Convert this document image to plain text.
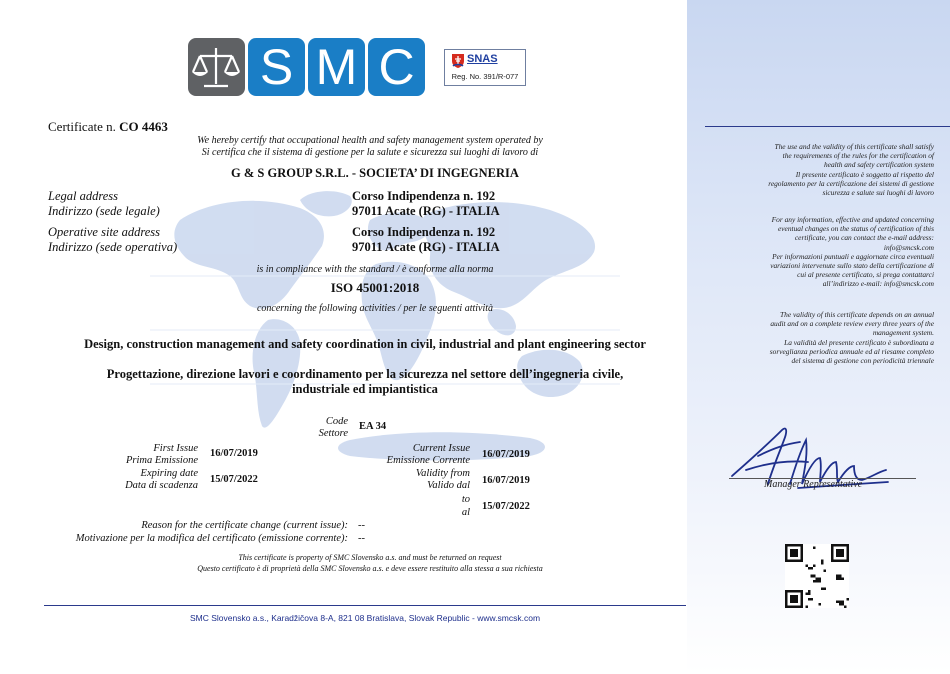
The use and the validity of this certificate shall satisfy

the requirements of the rules for the certification of

health and safety certification system

Il presente certificato è soggetto al rispetto del

regolamento per la certificazione dei sistemi di gestione

sicurezza e salute sui luoghi di lavoro

For any information, effective and updated concerning

eventual changes on the status of certification of this

certificate, you can contact the e-mail address:

info@smcsk.com

Per informazioni puntuali e aggiornate circa eventuali

variazioni intervenute sullo stato della certificazione di

cui al presente certificato, si prega contattarci

all’indirizzo e-mail: info@smcsk.com

The validity of this certificate depends on an annual

audit and on a complete review every three years of the

management system.

La validità del presente certificato è subordinata a

sorveglianza periodica annuale ed al riesame completo

del sistema di gestione con periodicità triennale

Manager Representative
S M C	SNAS
Reg. No. 391/R-077
Certificate n. CO 4463
We hereby certify that occupational health and safety management system operated by
Si certifica che il sistema di gestione per la salute e sicurezza sui luoghi di lavoro di
G & S GROUP S.R.L. - SOCIETA’ DI INGEGNERIA
Legal address
Indirizzo (sede legale)
Corso Indipendenza n. 192
97011 Acate (RG) - ITALIA
Operative site address
Indirizzo (sede operativa)
Corso Indipendenza n. 192
97011 Acate (RG) - ITALIA
is in compliance with the standard / è conforme alla norma
ISO 45001:2018
concerning the following activities / per le seguenti attività
Design, construction management and safety coordination in civil, industrial and plant engineering sector
Progettazione, direzione lavori e coordinamento per la sicurezza nel settore dell’ingegneria civile,
industriale ed impiantistica
Code
Settore
EA 34
First Issue
Prima Emissione
16/07/2019
Expiring date
Data di scadenza
15/07/2022
Current Issue
Emissione Corrente
16/07/2019
Validity from
Valido dal 16/07/2019
to
al
15/07/2022
Reason for the certificate change (current issue):
Motivazione per la modifica del certificato (emissione corrente):
--
--
This certificate is property of SMC Slovensko a.s. and must be returned on request
Questo certificato è di proprietà della SMC Slovensko a.s. e deve essere restituito alla stessa a sua richiesta
SMC Slovensko a.s., Karadžičova 8-A, 821 08 Bratislava, Slovak Republic - www.smcsk.com
